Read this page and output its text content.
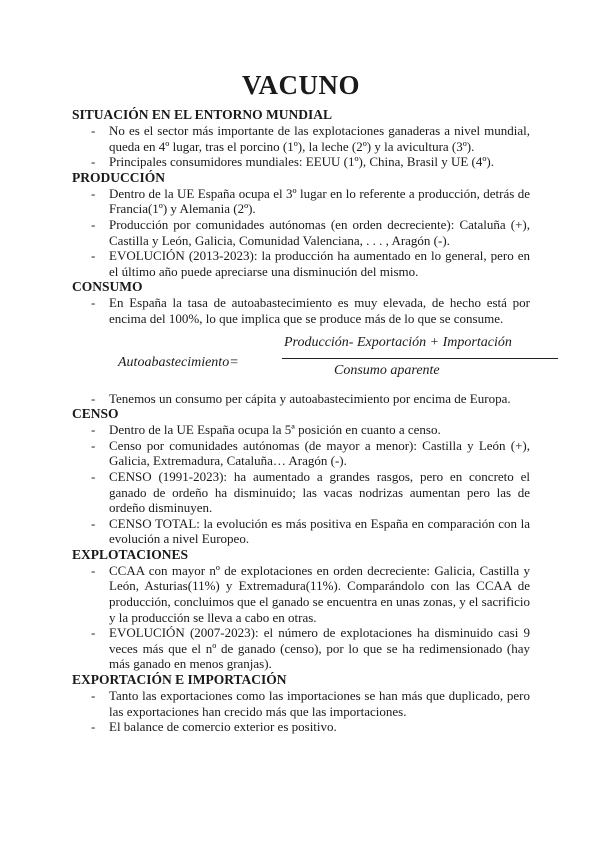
VACUNO
SITUACIÓN EN EL ENTORNO MUNDIAL
- No es el sector más importante de las explotaciones ganaderas a nivel mundial, queda en 4º lugar, tras el porcino (1º), la leche (2º) y la avicultura (3º).
- Principales consumidores mundiales: EEUU (1º), China, Brasil y UE (4º).
PRODUCCIÓN
- Dentro de la UE España ocupa el 3º lugar en lo referente a producción, detrás de Francia(1º) y Alemania (2º).
- Producción por comunidades autónomas (en orden decreciente): Cataluña (+), Castilla y León, Galicia, Comunidad Valenciana, . . . , Aragón (-).
- EVOLUCIÓN (2013-2023): la producción ha aumentado en lo general, pero en el último año puede apreciarse una disminución del mismo.
CONSUMO
- En España la tasa de autoabastecimiento es muy elevada, de hecho está por encima del 100%, lo que implica que se produce más de lo que se consume.
Autoabastecimiento=
Producción- Exportación + Importación
Consumo aparente
- Tenemos un consumo per cápita y autoabastecimiento por encima de Europa.
CENSO
- Dentro de la UE España ocupa la 5ª posición en cuanto a censo.
- Censo por comunidades autónomas (de mayor a menor): Castilla y León (+), Galicia, Extremadura, Cataluña… Aragón (-).
- CENSO (1991-2023): ha aumentado a grandes rasgos, pero en concreto el ganado de ordeño ha disminuido; las vacas nodrizas aumentan pero las de ordeño disminuyen.
- CENSO TOTAL: la evolución es más positiva en España en comparación con la evolución a nivel Europeo.
EXPLOTACIONES
- CCAA con mayor nº de explotaciones en orden decreciente: Galicia, Castilla y León, Asturias(11%) y Extremadura(11%). Comparándolo con las CCAA de producción, concluimos que el ganado se encuentra en unas zonas, y el sacrificio y la producción se lleva a cabo en otras.
- EVOLUCIÓN (2007-2023): el número de explotaciones ha disminuido casi 9 veces más que el nº de ganado (censo), por lo que se ha redimensionado (hay más ganado en menos granjas).
EXPORTACIÓN E IMPORTACIÓN
- Tanto las exportaciones como las importaciones se han más que duplicado, pero las exportaciones han crecido más que las importaciones.
- El balance de comercio exterior es positivo.
